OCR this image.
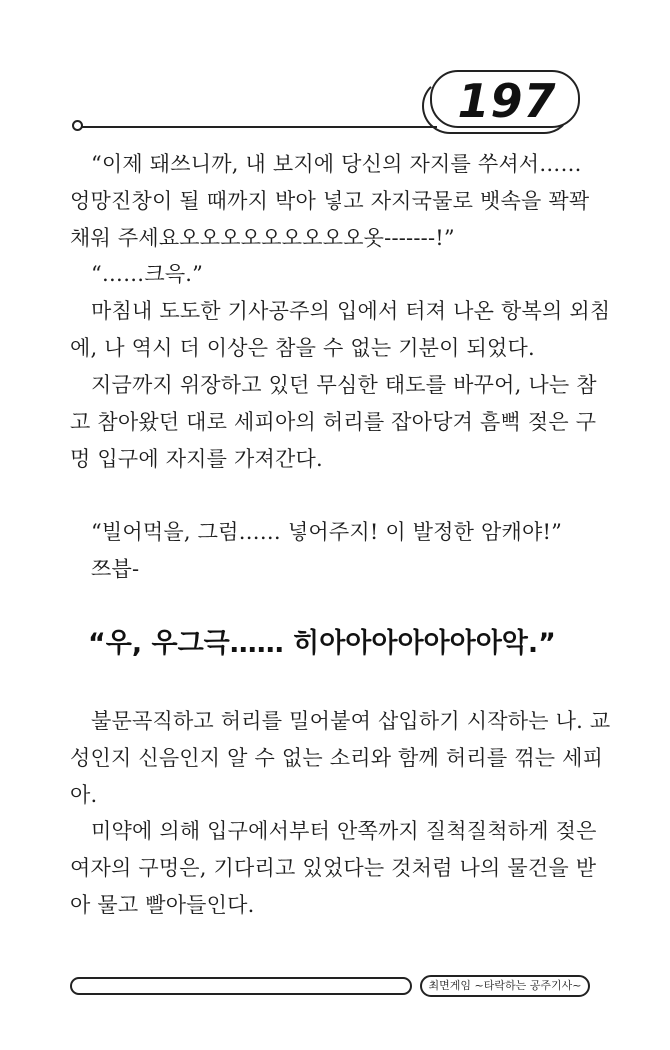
197
“이제 돼쓰니까, 내 보지에 당신의 자지를 쑤셔서……
엉망진창이 될 때까지 박아 넣고 자지국물로 뱃속을 꽉꽉
채워 주세요오오오오오오오오오옷-------!”
“……크윽.”
마침내 도도한 기사공주의 입에서 터져 나온 항복의 외침
에, 나 역시 더 이상은 참을 수 없는 기분이 되었다.
지금까지 위장하고 있던 무심한 태도를 바꾸어, 나는 참
고 참아왔던 대로 세피아의 허리를 잡아당겨 흠뻑 젖은 구
멍 입구에 자지를 가져간다.
“빌어먹을, 그럼…… 넣어주지! 이 발정한 암캐야!”
쯔븝-
“우, 우그극…… 히아아아아아아아악.”
불문곡직하고 허리를 밀어붙여 삽입하기 시작하는 나. 교
성인지 신음인지 알 수 없는 소리와 함께 허리를 꺾는 세피
아.
미약에 의해 입구에서부터 안쪽까지 질척질척하게 젖은
여자의 구멍은, 기다리고 있었다는 것처럼 나의 물건을 받
아 물고 빨아들인다.
최면게임 ~타락하는 공주기사~
